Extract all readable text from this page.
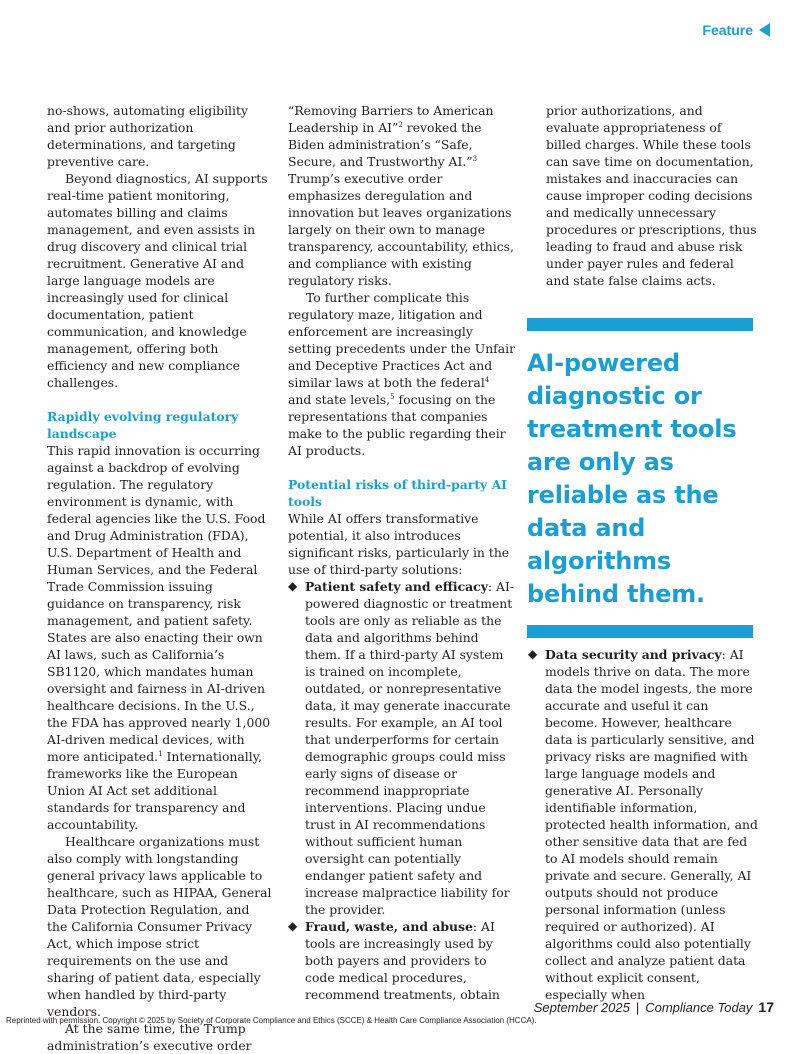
Feature

no-shows, automating eligibility and prior authorization determinations, and targeting preventive care.

Beyond diagnostics, AI supports real-time patient monitoring, automates billing and claims management, and even assists in drug discovery and clinical trial recruitment. Generative AI and large language models are increasingly used for clinical documentation, patient communication, and knowledge management, offering both efficiency and new compliance challenges.

Rapidly evolving regulatory landscape

This rapid innovation is occurring against a backdrop of evolving regulation. The regulatory environment is dynamic, with federal agencies like the U.S. Food and Drug Administration (FDA), U.S. Department of Health and Human Services, and the Federal Trade Commission issuing guidance on transparency, risk management, and patient safety. States are also enacting their own AI laws, such as California’s SB1120, which mandates human oversight and fairness in AI-driven healthcare decisions. In the U.S., the FDA has approved nearly 1,000 AI-driven medical devices, with more anticipated.$^1$ Internationally, frameworks like the European Union AI Act set additional standards for transparency and accountability.

Healthcare organizations must also comply with longstanding general privacy laws applicable to healthcare, such as HIPAA, General Data Protection Regulation, and the California Consumer Privacy Act, which impose strict requirements on the use and sharing of patient data, especially when handled by third-party vendors.

At the same time, the Trump administration’s executive order

“Removing Barriers to American Leadership in AI”$^2$ revoked the Biden administration’s “Safe, Secure, and Trustworthy AI.”$^3$ Trump’s executive order emphasizes deregulation and innovation but leaves organizations largely on their own to manage transparency, accountability, ethics, and compliance with existing regulatory risks.

To further complicate this regulatory maze, litigation and enforcement are increasingly setting precedents under the Unfair and Deceptive Practices Act and similar laws at both the federal$^4$ and state levels,$^5$ focusing on the representations that companies make to the public regarding their AI products.

Potential risks of third-party AI tools

While AI offers transformative potential, it also introduces significant risks, particularly in the use of third-party solutions:

◆ Patient safety and efficacy: AI-powered diagnostic or treatment tools are only as reliable as the data and algorithms behind them. If a third-party AI system is trained on incomplete, outdated, or nonrepresentative data, it may generate inaccurate results. For example, an AI tool that underperforms for certain demographic groups could miss early signs of disease or recommend inappropriate interventions. Placing undue trust in AI recommendations without sufficient human oversight can potentially endanger patient safety and increase malpractice liability for the provider.

◆ Fraud, waste, and abuse: AI tools are increasingly used by both payers and providers to code medical procedures, recommend treatments, obtain

prior authorizations, and evaluate appropriateness of billed charges. While these tools can save time on documentation, mistakes and inaccuracies can cause improper coding decisions and medically unnecessary procedures or prescriptions, thus leading to fraud and abuse risk under payer rules and federal and state false claims acts.

AI-powered diagnostic or treatment tools are only as reliable as the data and algorithms behind them.

◆ Data security and privacy: AI models thrive on data. The more data the model ingests, the more accurate and useful it can become. However, healthcare data is particularly sensitive, and privacy risks are magnified with large language models and generative AI. Personally identifiable information, protected health information, and other sensitive data that are fed to AI models should remain private and secure. Generally, AI outputs should not produce personal information (unless required or authorized). AI algorithms could also potentially collect and analyze patient data without explicit consent, especially when

Reprinted with permission. Copyright © 2025 by Society of Corporate Compliance and Ethics (SCCE) & Health Care Compliance Association (HCCA).
September 2025 | Compliance Today 17
